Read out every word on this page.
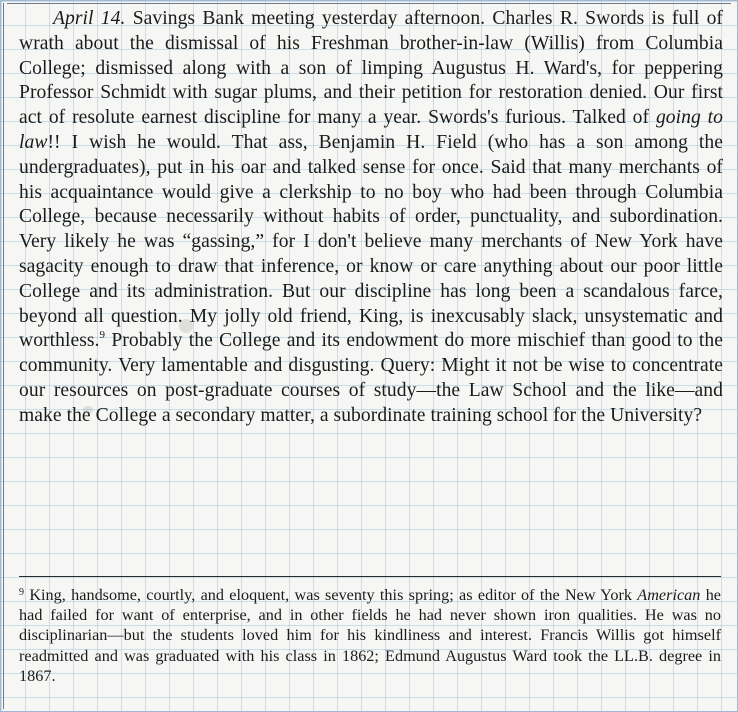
April 14. Savings Bank meeting yesterday afternoon. Charles R. Swords is full of wrath about the dismissal of his Freshman brother-in-law (Willis) from Columbia College; dismissed along with a son of limping Augustus H. Ward's, for peppering Professor Schmidt with sugar plums, and their petition for restoration denied. Our first act of resolute earnest discipline for many a year. Swords's furious. Talked of going to law!! I wish he would. That ass, Benjamin H. Field (who has a son among the undergraduates), put in his oar and talked sense for once. Said that many merchants of his acquaintance would give a clerkship to no boy who had been through Columbia College, because necessarily without habits of order, punctuality, and subordination. Very likely he was “gassing,” for I don't believe many merchants of New York have sagacity enough to draw that inference, or know or care anything about our poor little College and its administration. But our discipline has long been a scandalous farce, beyond all question. My jolly old friend, King, is inexcusably slack, unsystematic and worthless.$^9$ Probably the College and its endowment do more mischief than good to the community. Very lamentable and disgusting. Query: Might it not be wise to concentrate our resources on post-graduate courses of study—the Law School and the like—and make the College a secondary matter, a subordinate training school for the University?

$^9$ King, handsome, courtly, and eloquent, was seventy this spring; as editor of the New York American he had failed for want of enterprise, and in other fields he had never shown iron qualities. He was no disciplinarian—but the students loved him for his kindliness and interest. Francis Willis got himself readmitted and was graduated with his class in 1862; Edmund Augustus Ward took the LL.B. degree in 1867.
